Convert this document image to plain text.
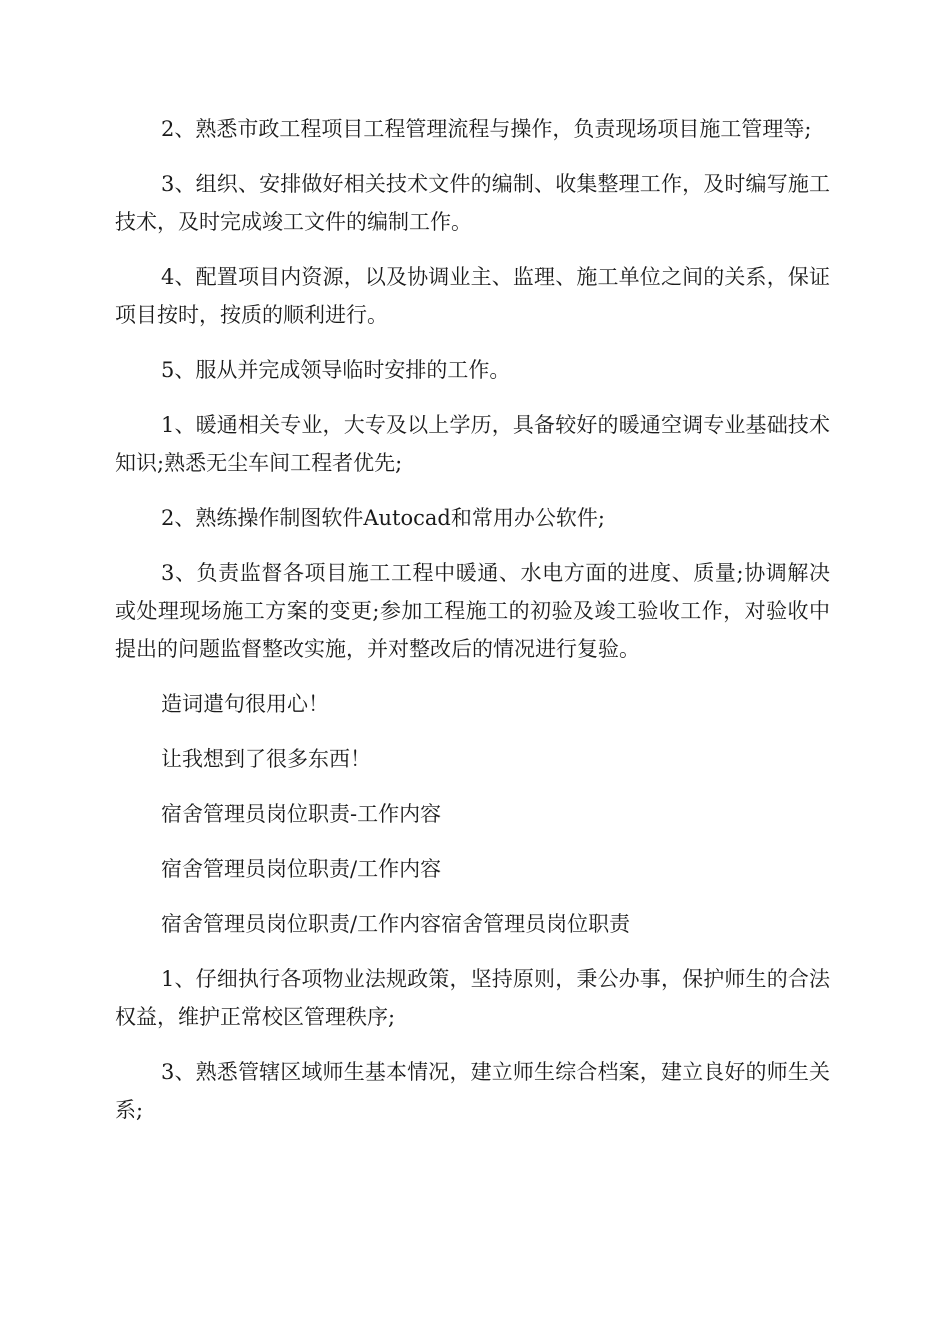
2、熟悉市政工程项目工程管理流程与操作，负责现场项目施工管理等;

3、组织、安排做好相关技术文件的编制、收集整理工作，及时编写施工技术，及时完成竣工文件的编制工作。

4、配置项目内资源，以及协调业主、监理、施工单位之间的关系，保证项目按时，按质的顺利进行。

5、服从并完成领导临时安排的工作。

1、暖通相关专业，大专及以上学历，具备较好的暖通空调专业基础技术知识;熟悉无尘车间工程者优先;

2、熟练操作制图软件Autocad和常用办公软件;

3、负责监督各项目施工工程中暖通、水电方面的进度、质量;协调解决或处理现场施工方案的变更;参加工程施工的初验及竣工验收工作，对验收中提出的问题监督整改实施，并对整改后的情况进行复验。

造词遣句很用心！

让我想到了很多东西！

宿舍管理员岗位职责-工作内容

宿舍管理员岗位职责/工作内容

宿舍管理员岗位职责/工作内容宿舍管理员岗位职责

1、仔细执行各项物业法规政策，坚持原则，秉公办事，保护师生的合法权益，维护正常校区管理秩序;

3、熟悉管辖区域师生基本情况，建立师生综合档案，建立良好的师生关系;
